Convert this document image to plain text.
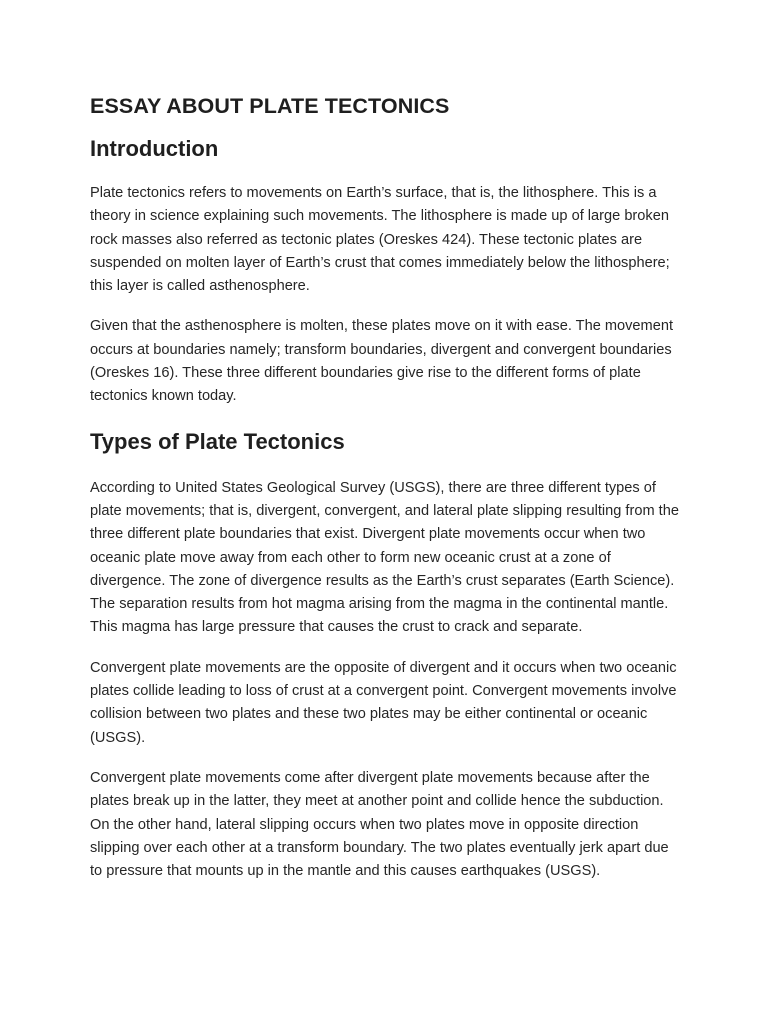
ESSAY ABOUT PLATE TECTONICS
Introduction

Plate tectonics refers to movements on Earth’s surface, that is, the lithosphere. This is a theory in science explaining such movements. The lithosphere is made up of large broken rock masses also referred as tectonic plates (Oreskes 424). These tectonic plates are suspended on molten layer of Earth’s crust that comes immediately below the lithosphere; this layer is called asthenosphere.

Given that the asthenosphere is molten, these plates move on it with ease. The movement occurs at boundaries namely; transform boundaries, divergent and convergent boundaries (Oreskes 16). These three different boundaries give rise to the different forms of plate tectonics known today.

Types of Plate Tectonics

According to United States Geological Survey (USGS), there are three different types of plate movements; that is, divergent, convergent, and lateral plate slipping resulting from the three different plate boundaries that exist. Divergent plate movements occur when two oceanic plate move away from each other to form new oceanic crust at a zone of divergence. The zone of divergence results as the Earth’s crust separates (Earth Science). The separation results from hot magma arising from the magma in the continental mantle. This magma has large pressure that causes the crust to crack and separate.

Convergent plate movements are the opposite of divergent and it occurs when two oceanic plates collide leading to loss of crust at a convergent point. Convergent movements involve collision between two plates and these two plates may be either continental or oceanic (USGS).

Convergent plate movements come after divergent plate movements because after the plates break up in the latter, they meet at another point and collide hence the subduction. On the other hand, lateral slipping occurs when two plates move in opposite direction slipping over each other at a transform boundary. The two plates eventually jerk apart due to pressure that mounts up in the mantle and this causes earthquakes (USGS).
